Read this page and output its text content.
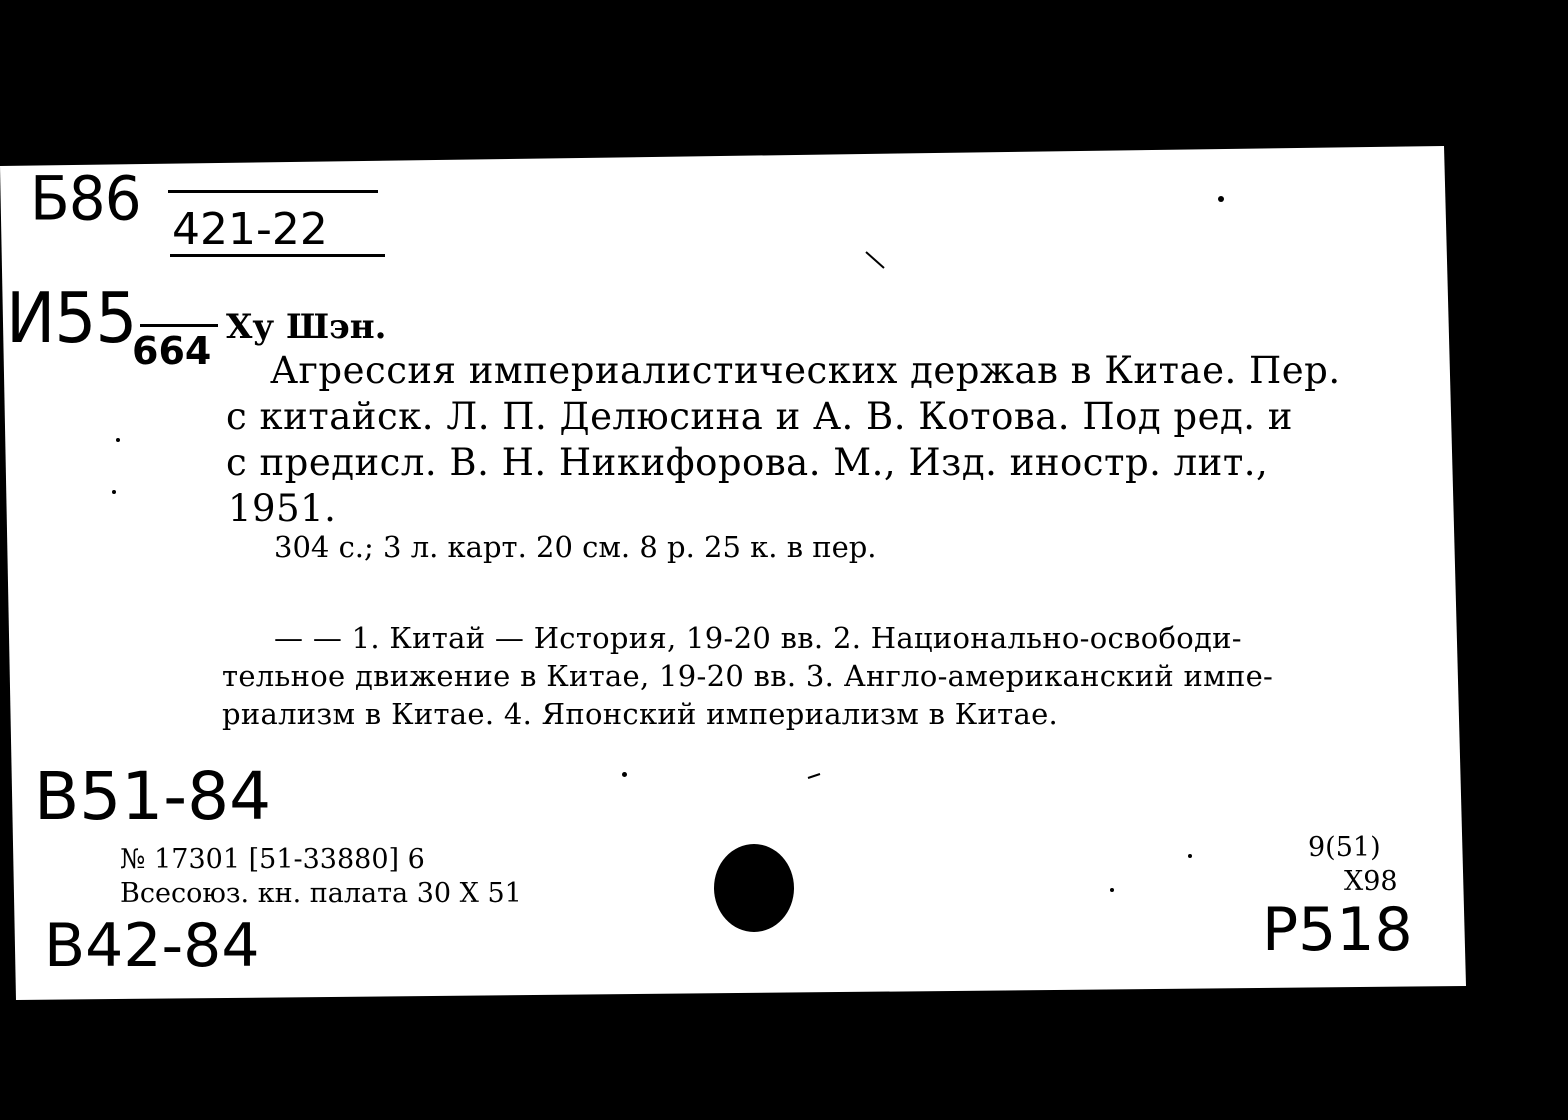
Б86 421-22
И55
664
Ху Шэн.
Агрессия империалистических держав в Китае. Пер.
с китайск. Л. П. Делюсина и А. В. Котова. Под ред. и
с предисл. В. Н. Никифорова. М., Изд. иностр. лит.,
1951.
304 с.; 3 л. карт. 20 см. 8 р. 25 к. в пер.
— — 1. Китай — История, 19-20 вв. 2. Национально-освободи-
тельное движение в Китае, 19-20 вв. 3. Англо-американский импе-
риализм в Китае. 4. Японский империализм в Китае.
В51-84
В42-84
№ 17301 [51-33880] 6
Всесоюз. кн. палата 30 X 51
9(51)
Х98
Р518
